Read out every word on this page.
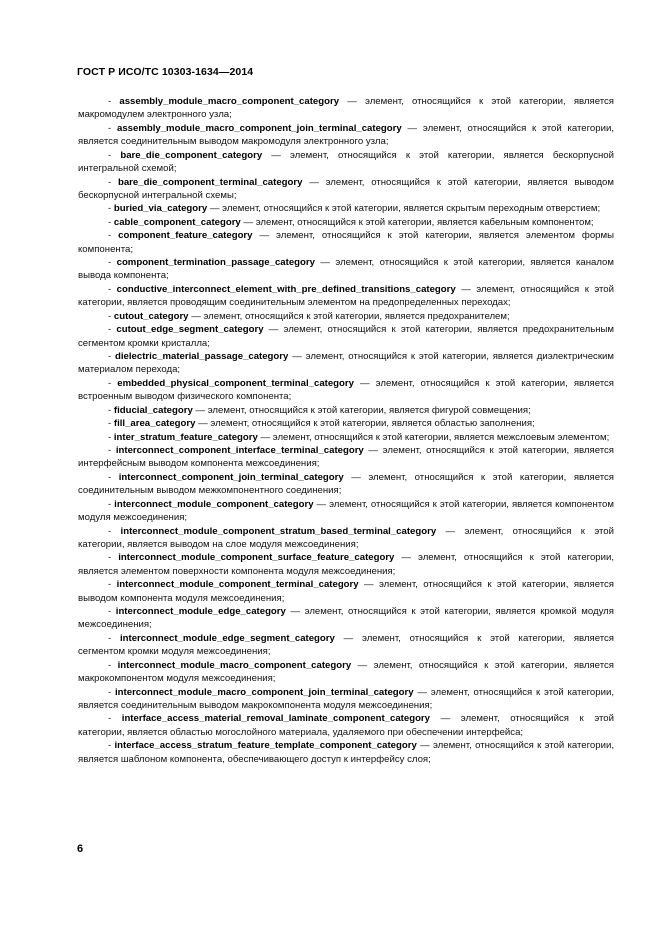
ГОСТ Р ИСО/ТС 10303-1634—2014

- assembly_module_macro_component_category — элемент, относящийся к этой категории, является макромодулем электронного узла;

- assembly_module_macro_component_join_terminal_category — элемент, относящийся к этой категории, является соединительным выводом макромодуля электронного узла;

- bare_die_component_category — элемент, относящийся к этой категории, является бескорпусной интегральной схемой;

- bare_die_component_terminal_category — элемент, относящийся к этой категории, является выводом бескорпусной интегральной схемы;

- buried_via_category — элемент, относящийся к этой категории, является скрытым переходным отверстием;

- cable_component_category — элемент, относящийся к этой категории, является кабельным компонентом;

- component_feature_category — элемент, относящийся к этой категории, является элементом формы компонента;

- component_termination_passage_category — элемент, относящийся к этой категории, является каналом вывода компонента;

- conductive_interconnect_element_with_pre_defined_transitions_category — элемент, относящийся к этой категории, является проводящим соединительным элементом на предопределенных переходах;

- cutout_category — элемент, относящийся к этой категории, является предохранителем;

- cutout_edge_segment_category — элемент, относящийся к этой категории, является предохранительным сегментом кромки кристалла;

- dielectric_material_passage_category — элемент, относящийся к этой категории, является диэлектрическим материалом перехода;

- embedded_physical_component_terminal_category — элемент, относящийся к этой категории, является встроенным выводом физического компонента;

- fiducial_category — элемент, относящийся к этой категории, является фигурой совмещения;

- fill_area_category — элемент, относящийся к этой категории, является областью заполнения;

- inter_stratum_feature_category — элемент, относящийся к этой категории, является межслоевым элементом;

- interconnect_component_interface_terminal_category — элемент, относящийся к этой категории, является интерфейсным выводом компонента межсоединения;

- interconnect_component_join_terminal_category — элемент, относящийся к этой категории, является соединительным выводом межкомпонентного соединения;

- interconnect_module_component_category — элемент, относящийся к этой категории, является компонентом модуля межсоединения;

- interconnect_module_component_stratum_based_terminal_category — элемент, относящийся к этой категории, является выводом на слое модуля межсоединения;

- interconnect_module_component_surface_feature_category — элемент, относящийся к этой категории, является элементом поверхности компонента модуля межсоединения;

- interconnect_module_component_terminal_category — элемент, относящийся к этой категории, является выводом компонента модуля межсоединения;

- interconnect_module_edge_category — элемент, относящийся к этой категории, является кромкой модуля межсоединения;

- interconnect_module_edge_segment_category — элемент, относящийся к этой категории, является сегментом кромки модуля межсоединения;

- interconnect_module_macro_component_category — элемент, относящийся к этой категории, является макрокомпонентом модуля межсоединения;

- interconnect_module_macro_component_join_terminal_category — элемент, относящийся к этой категории, является соединительным выводом макрокомпонента модуля межсоединения;

- interface_access_material_removal_laminate_component_category — элемент, относящийся к этой категории, является областью могослойного материала, удаляемого при обеспечении интерфейса;

- interface_access_stratum_feature_template_component_category — элемент, относящийся к этой категории, является шаблоном компонента, обеспечивающего доступ к интерфейсу слоя;

6
